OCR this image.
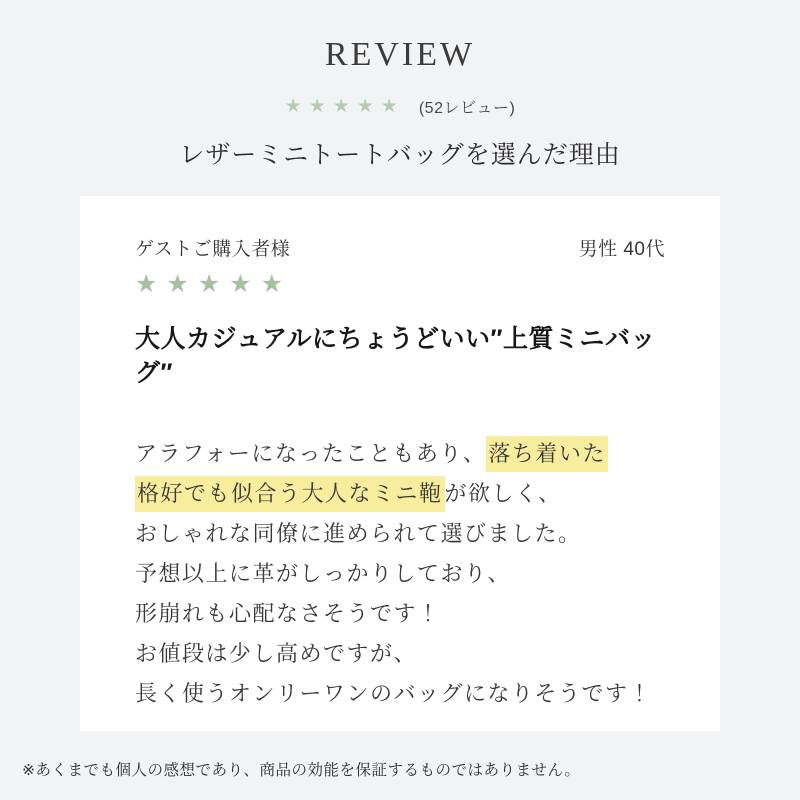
REVIEW
★★★★★ (52レビュー)
レザーミニトートバッグを選んだ理由
ゲストご購入者様	男性 40代
★★★★★
大人カジュアルにちょうどいい″上質ミニバッグ″
アラフォーになったこともあり、落ち着いた
格好でも似合う大人なミニ鞄が欲しく、
おしゃれな同僚に進められて選びました。
予想以上に革がしっかりしており、
形崩れも心配なさそうです！
お値段は少し高めですが、
長く使うオンリーワンのバッグになりそうです！
※あくまでも個人の感想であり、商品の効能を保証するものではありません。
